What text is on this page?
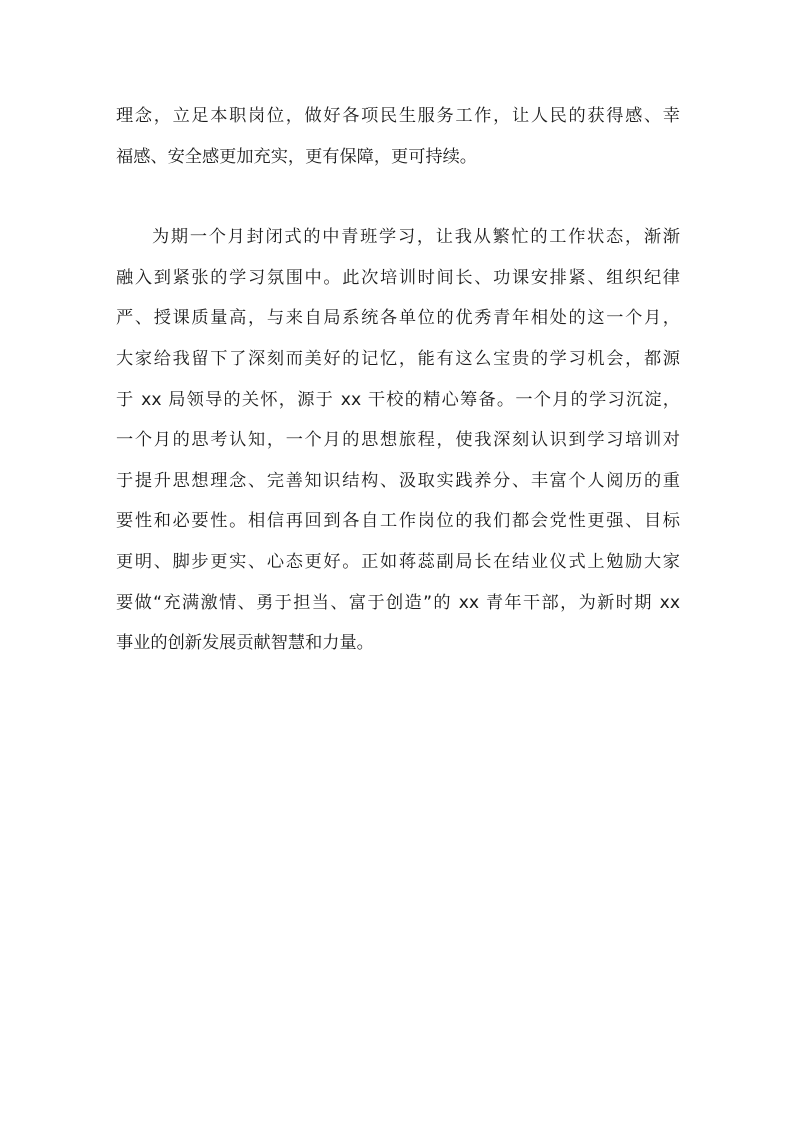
理念，立足本职岗位，做好各项民生服务工作，让人民的获得感、幸
福感、安全感更加充实，更有保障，更可持续。
为期一个月封闭式的中青班学习，让我从繁忙的工作状态，渐渐
融入到紧张的学习氛围中。此次培训时间长、功课安排紧、组织纪律
严、授课质量高，与来自局系统各单位的优秀青年相处的这一个月，
大家给我留下了深刻而美好的记忆，能有这么宝贵的学习机会，都源
于 xx 局领导的关怀，源于 xx 干校的精心筹备。一个月的学习沉淀，
一个月的思考认知，一个月的思想旅程，使我深刻认识到学习培训对
于提升思想理念、完善知识结构、汲取实践养分、丰富个人阅历的重
要性和必要性。相信再回到各自工作岗位的我们都会党性更强、目标
更明、脚步更实、心态更好。正如蒋蕊副局长在结业仪式上勉励大家
要做“充满激情、勇于担当、富于创造”的 xx 青年干部，为新时期 xx
事业的创新发展贡献智慧和力量。
